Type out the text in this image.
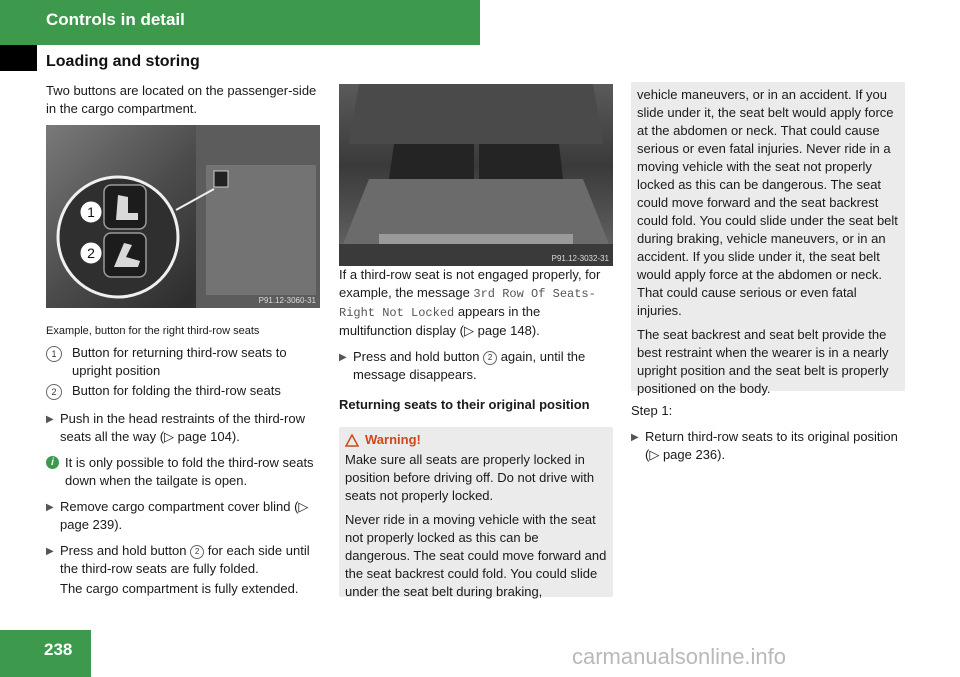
Controls in detail
Loading and storing

Two buttons are located on the passenger-side in the cargo compartment.

1
2
P91.12-3060-31
Example, button for the right third-row seats
1	Button for returning third-row seats to upright position
2	Button for folding the third-row seats
▶ Push in the head restraints of the third-row seats all the way (▷ page 104).
i It is only possible to fold the third-row seats down when the tailgate is open.
▶ Remove cargo compartment cover blind (▷ page 239).
▶ Press and hold button 2 for each side until the third-row seats are fully folded.
The cargo compartment is fully extended.
P91.12-3032-31

If a third-row seat is not engaged properly, for example, the message 3rd Row Of Seats-Right Not Locked appears in the multifunction display (▷ page 148).

▶ Press and hold button 2 again, until the message disappears.
Returning seats to their original position
Warning!

Make sure all seats are properly locked in position before driving off. Do not drive with seats not properly locked.

Never ride in a moving vehicle with the seat not properly locked as this can be dangerous. The seat could move forward and the seat backrest could fold. You could slide under the seat belt during braking,

vehicle maneuvers, or in an accident. If you slide under it, the seat belt would apply force at the abdomen or neck. That could cause serious or even fatal injuries. Never ride in a moving vehicle with the seat not properly locked as this can be dangerous. The seat could move forward and the seat backrest could fold. You could slide under the seat belt during braking, vehicle maneuvers, or in an accident. If you slide under it, the seat belt would apply force at the abdomen or neck. That could cause serious or even fatal injuries.

The seat backrest and seat belt provide the best restraint when the wearer is in a nearly upright position and the seat belt is properly positioned on the body.

Step 1:

▶ Return third-row seats to its original position (▷ page 236).
238	carmanualsonline.info
